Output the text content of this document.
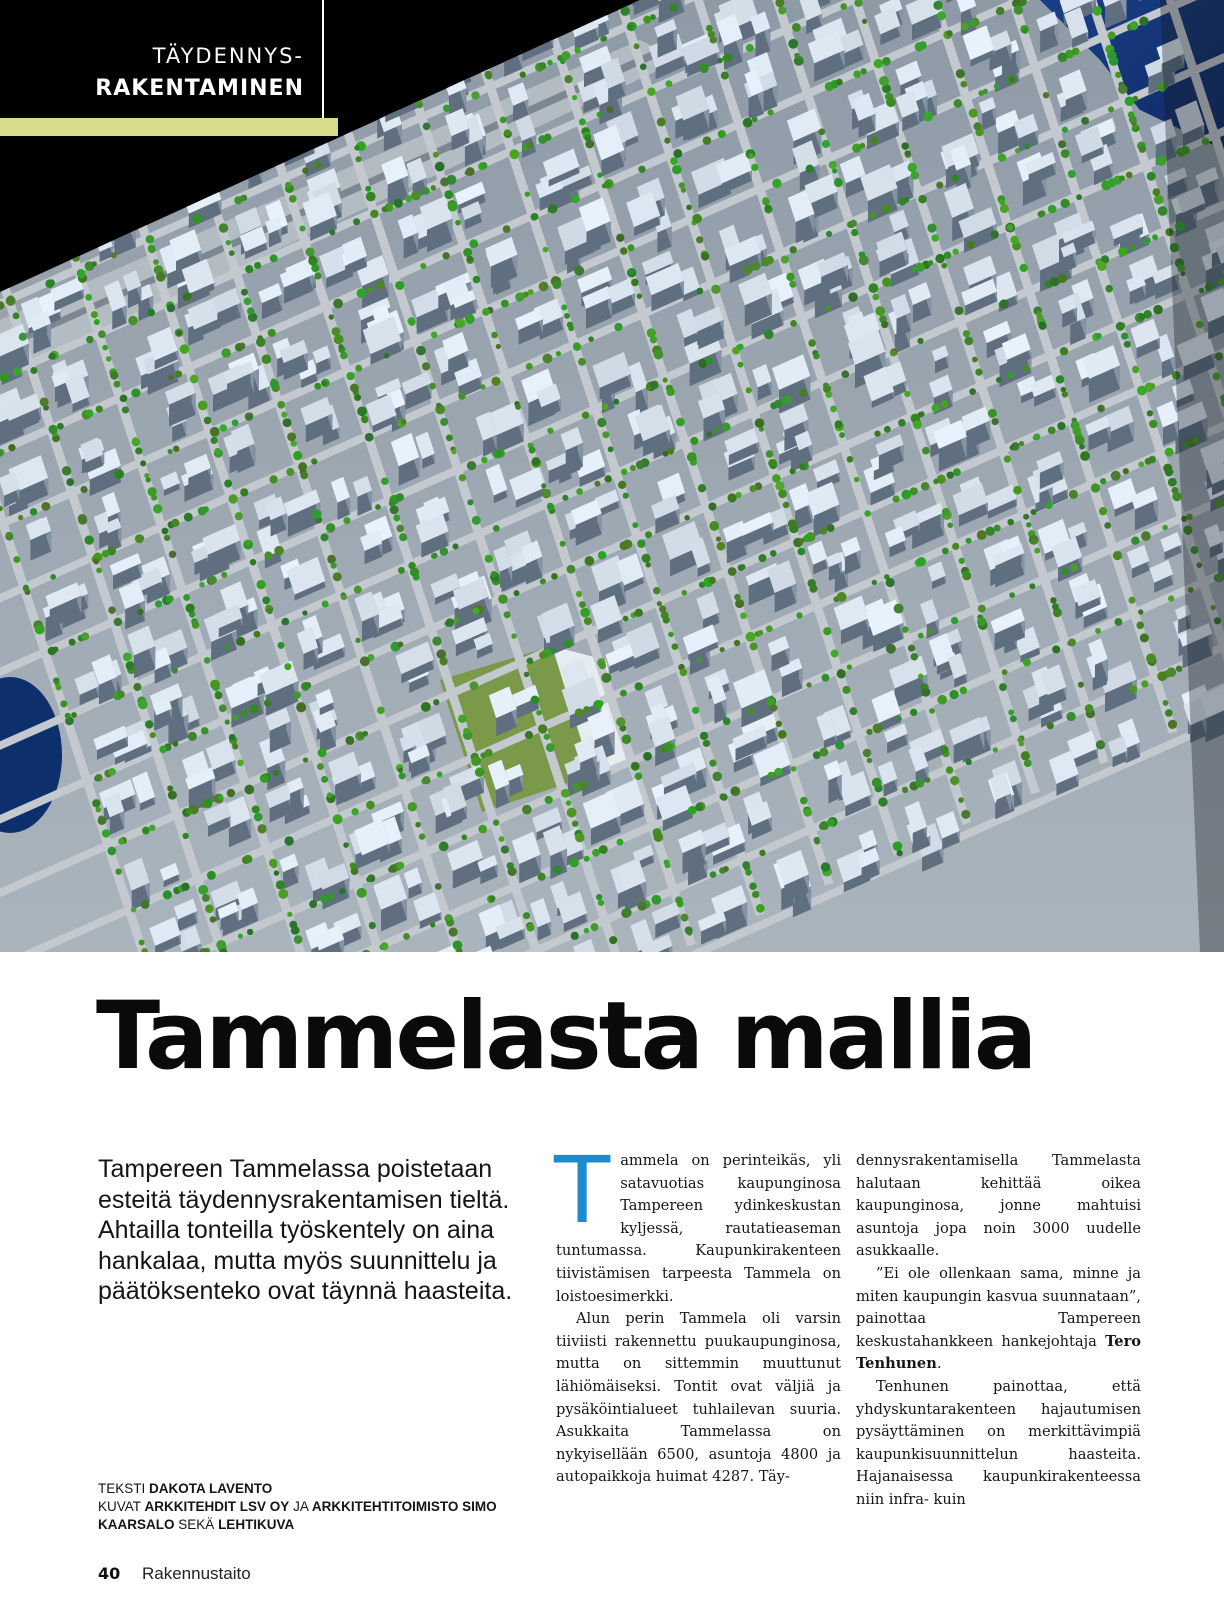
TÄYDENNYS-
RAKENTAMINEN
Tammelasta mallia

Tampereen Tammelassa poistetaan esteitä täydennysrakentamisen tieltä. Ahtailla tonteilla työskentely on aina hankalaa, mutta myös suunnittelu ja päätöksenteko ovat täynnä haasteita.

TEKSTI DAKOTA LAVENTO
KUVAT ARKKITEHDIT LSV OY JA ARKKITEHTITOIMISTO SIMO KAARSALO SEKÄ LEHTIKUVA

Tammela on perinteikäs, yli satavuotias kaupunginosa Tampereen ydinkeskustan kyljessä, rautatieaseman tuntumassa. Kaupunkirakenteen tiivistämisen tarpeesta Tammela on loistoesimerkki.

Alun perin Tammela oli varsin tiiviisti rakennettu puukaupunginosa, mutta on sittemmin muuttunut lähiömäiseksi. Tontit ovat väljiä ja pysäköintialueet tuhlailevan suuria. Asukkaita Tammelassa on nykyisellään 6500, asuntoja 4800 ja autopaikkoja huimat 4287. Täy-

dennysrakentamisella Tammelasta halutaan kehittää oikea kaupunginosa, jonne mahtuisi asuntoja jopa noin 3000 uudelle asukkaalle.

”Ei ole ollenkaan sama, minne ja miten kaupungin kasvua suunnataan”, painottaa Tampereen keskustahankkeen hankejohtaja Tero Tenhunen.

Tenhunen painottaa, että yhdyskuntarakenteen hajautumisen pysäyttäminen on merkittävimpiä kaupunkisuunnittelun haasteita. Hajanaisessa kaupunkirakenteessa niin infra- kuin

40 Rakennustaito
